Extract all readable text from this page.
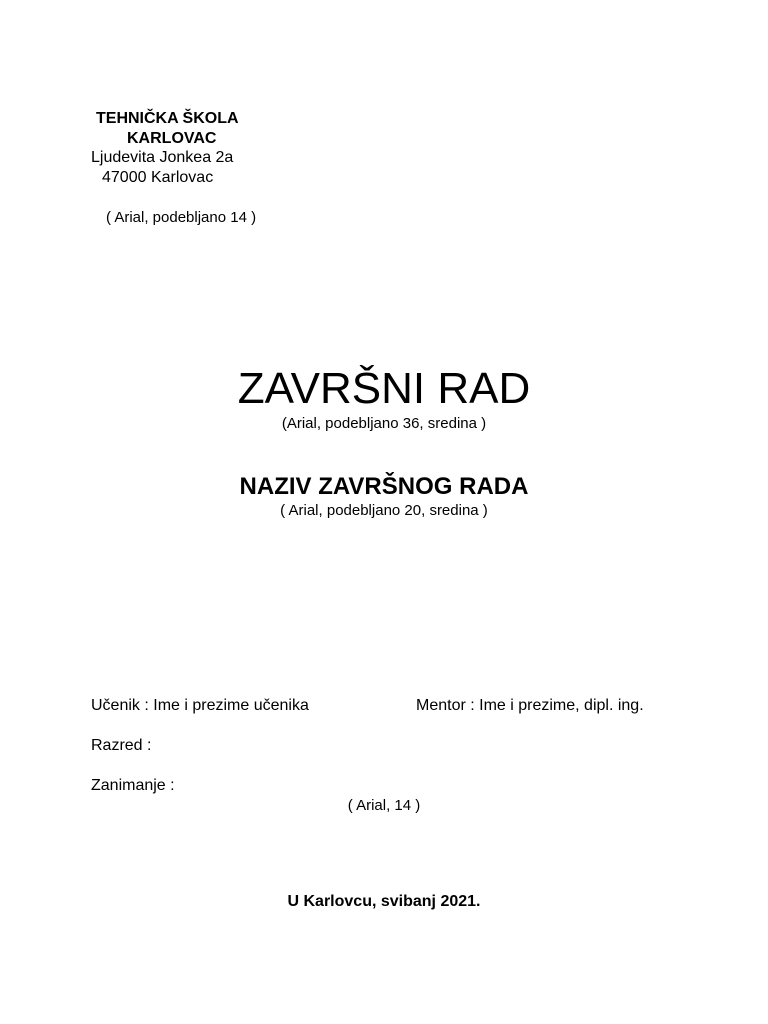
TEHNIČKA ŠKOLA
KARLOVAC
Ljudevita Jonkea 2a
47000 Karlovac
( Arial, podebljano 14 )
ZAVRŠNI RAD
(Arial, podebljano 36, sredina )
NAZIV ZAVRŠNOG RADA
( Arial, podebljano 20, sredina )
Učenik : Ime i prezime učenika	Mentor : Ime i prezime, dipl. ing.
Razred :
Zanimanje :
( Arial, 14 )
U Karlovcu, svibanj 2021.
